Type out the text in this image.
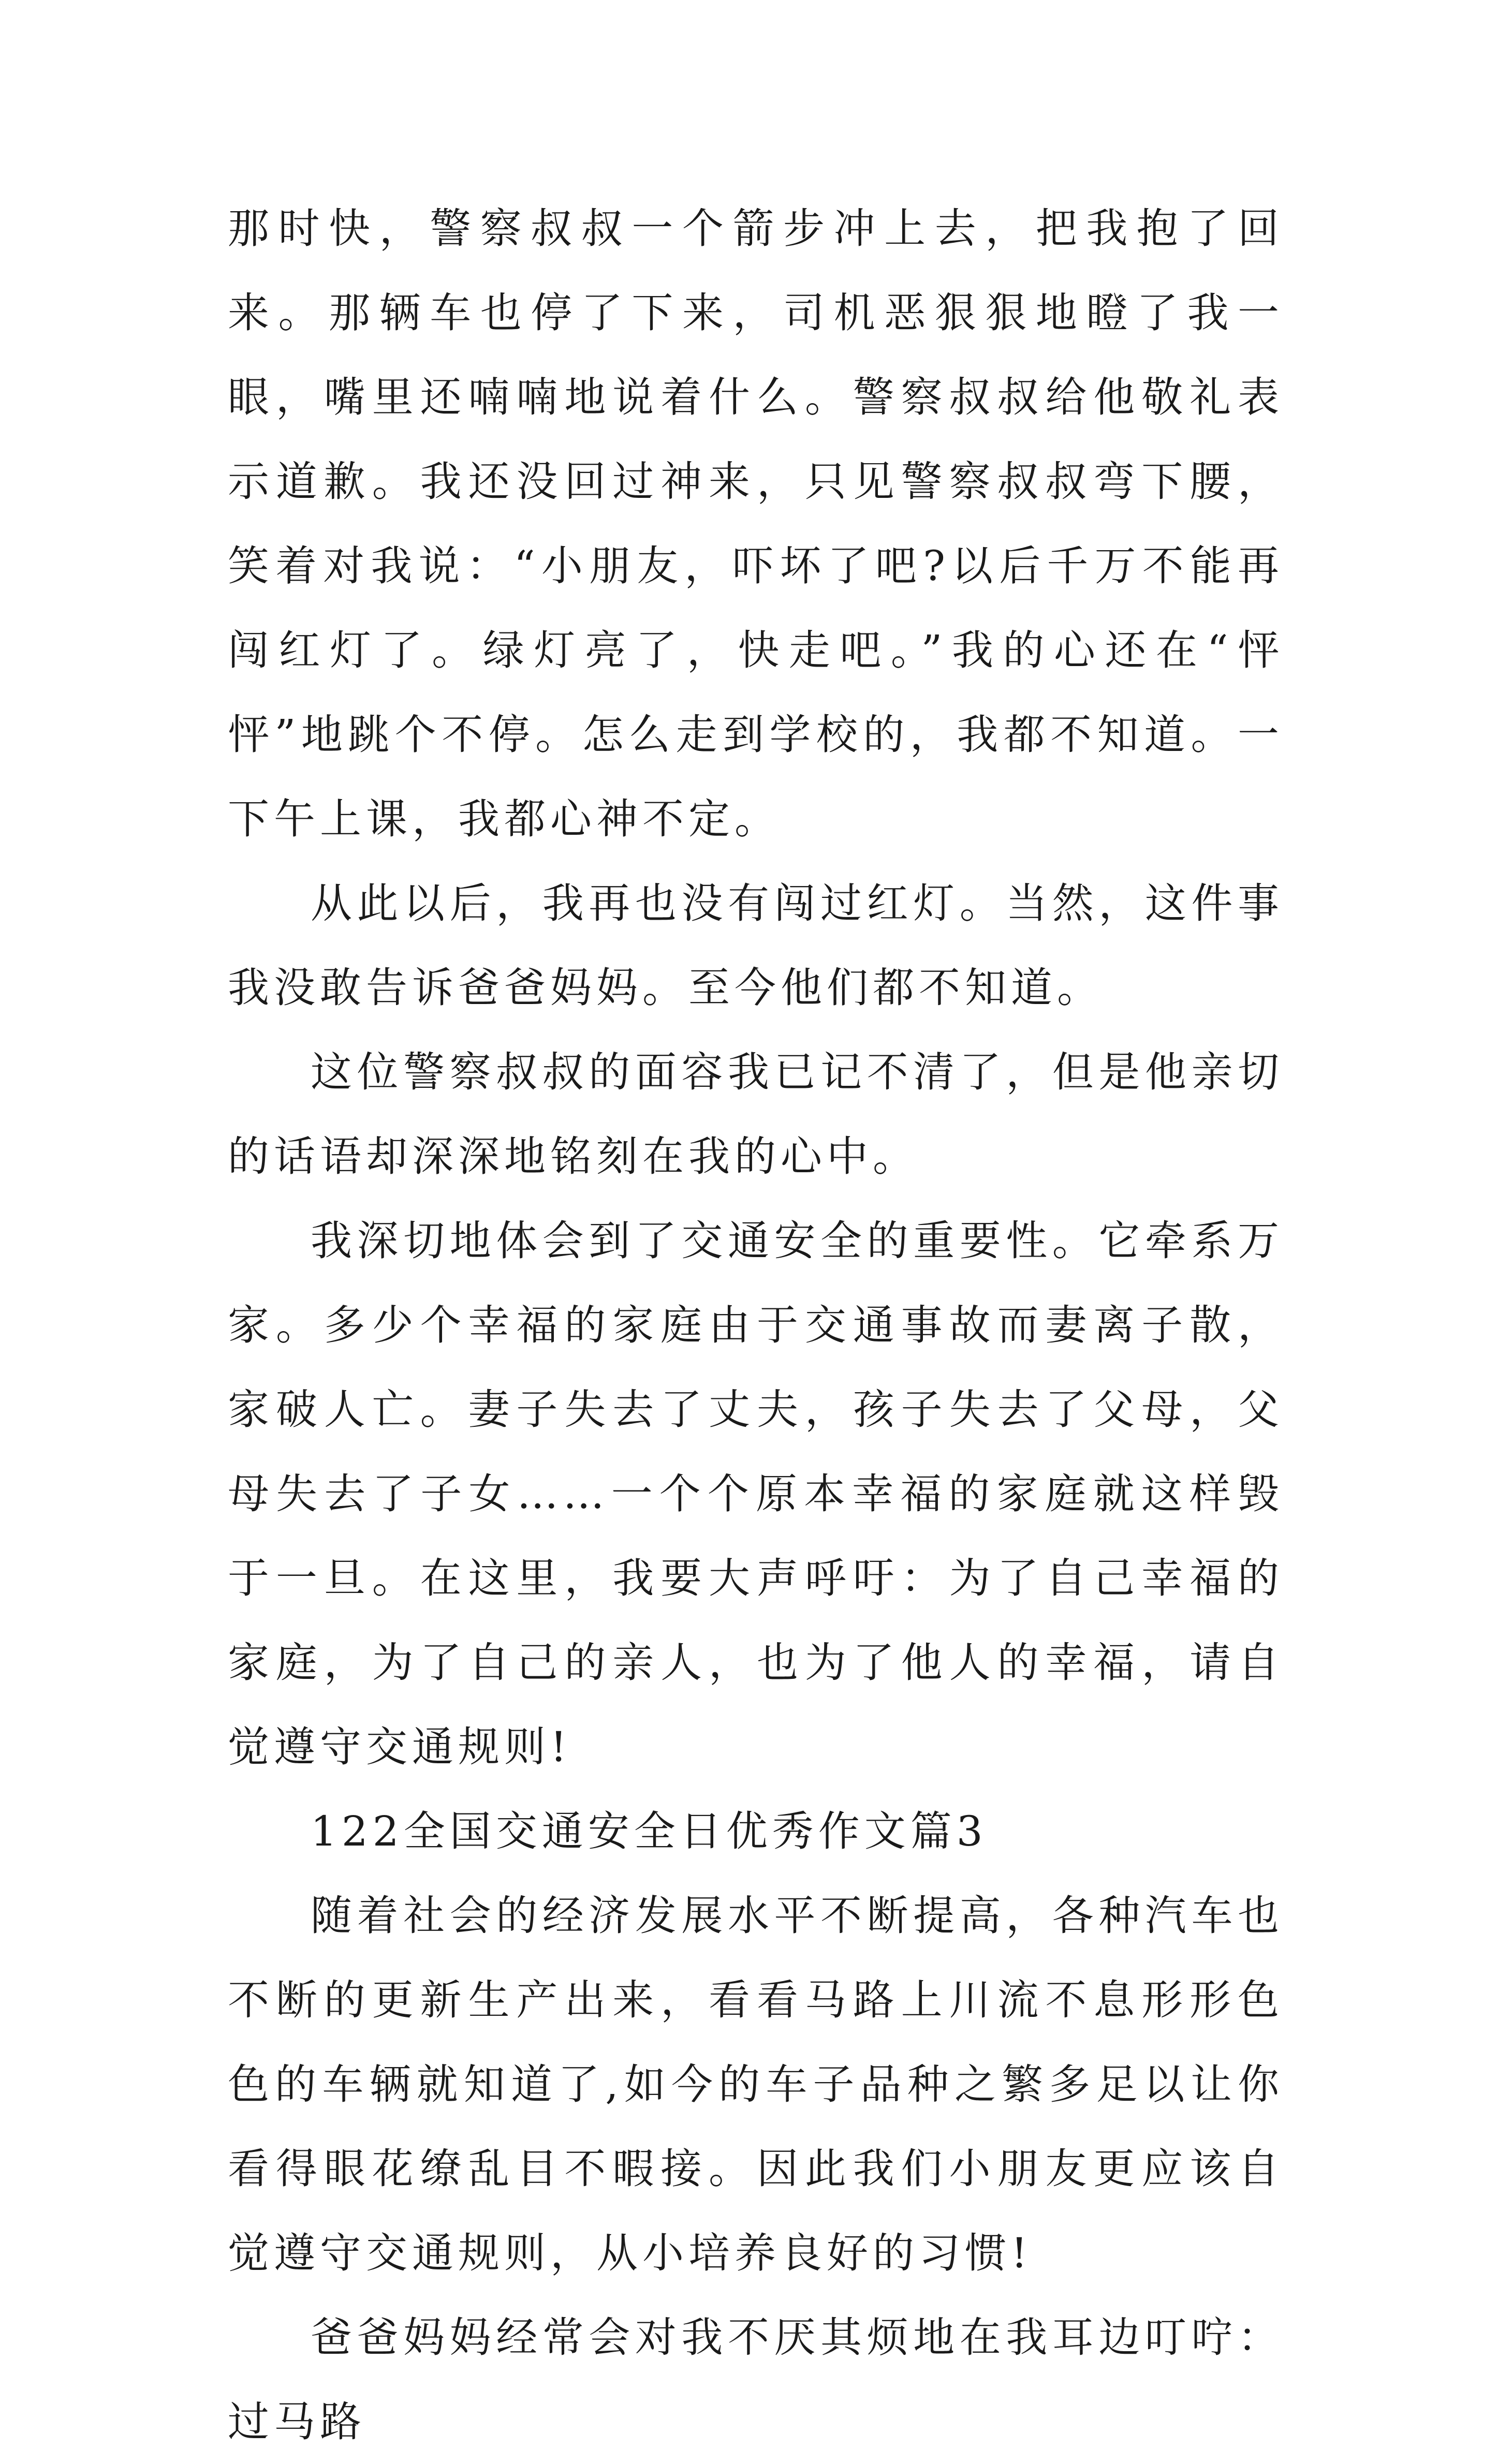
那时快，警察叔叔一个箭步冲上去，把我抱了回来。那辆车也停了下来，司机恶狠狠地瞪了我一眼，嘴里还喃喃地说着什么。警察叔叔给他敬礼表示道歉。我还没回过神来，只见警察叔叔弯下腰，笑着对我说：“小朋友，吓坏了吧?以后千万不能再闯红灯了。绿灯亮了，快走吧。”我的心还在“怦怦”地跳个不停。怎么走到学校的，我都不知道。一下午上课，我都心神不定。

从此以后，我再也没有闯过红灯。当然，这件事我没敢告诉爸爸妈妈。至今他们都不知道。

这位警察叔叔的面容我已记不清了，但是他亲切的话语却深深地铭刻在我的心中。

我深切地体会到了交通安全的重要性。它牵系万家。多少个幸福的家庭由于交通事故而妻离子散，家破人亡。妻子失去了丈夫，孩子失去了父母，父母失去了子女……一个个原本幸福的家庭就这样毁于一旦。在这里，我要大声呼吁：为了自己幸福的家庭，为了自己的亲人，也为了他人的幸福，请自觉遵守交通规则!

122全国交通安全日优秀作文篇3

随着社会的经济发展水平不断提高，各种汽车也不断的更新生产出来，看看马路上川流不息形形色色的车辆就知道了,如今的车子品种之繁多足以让你看得眼花缭乱目不暇接。因此我们小朋友更应该自觉遵守交通规则，从小培养良好的习惯!

爸爸妈妈经常会对我不厌其烦地在我耳边叮咛：过马路
